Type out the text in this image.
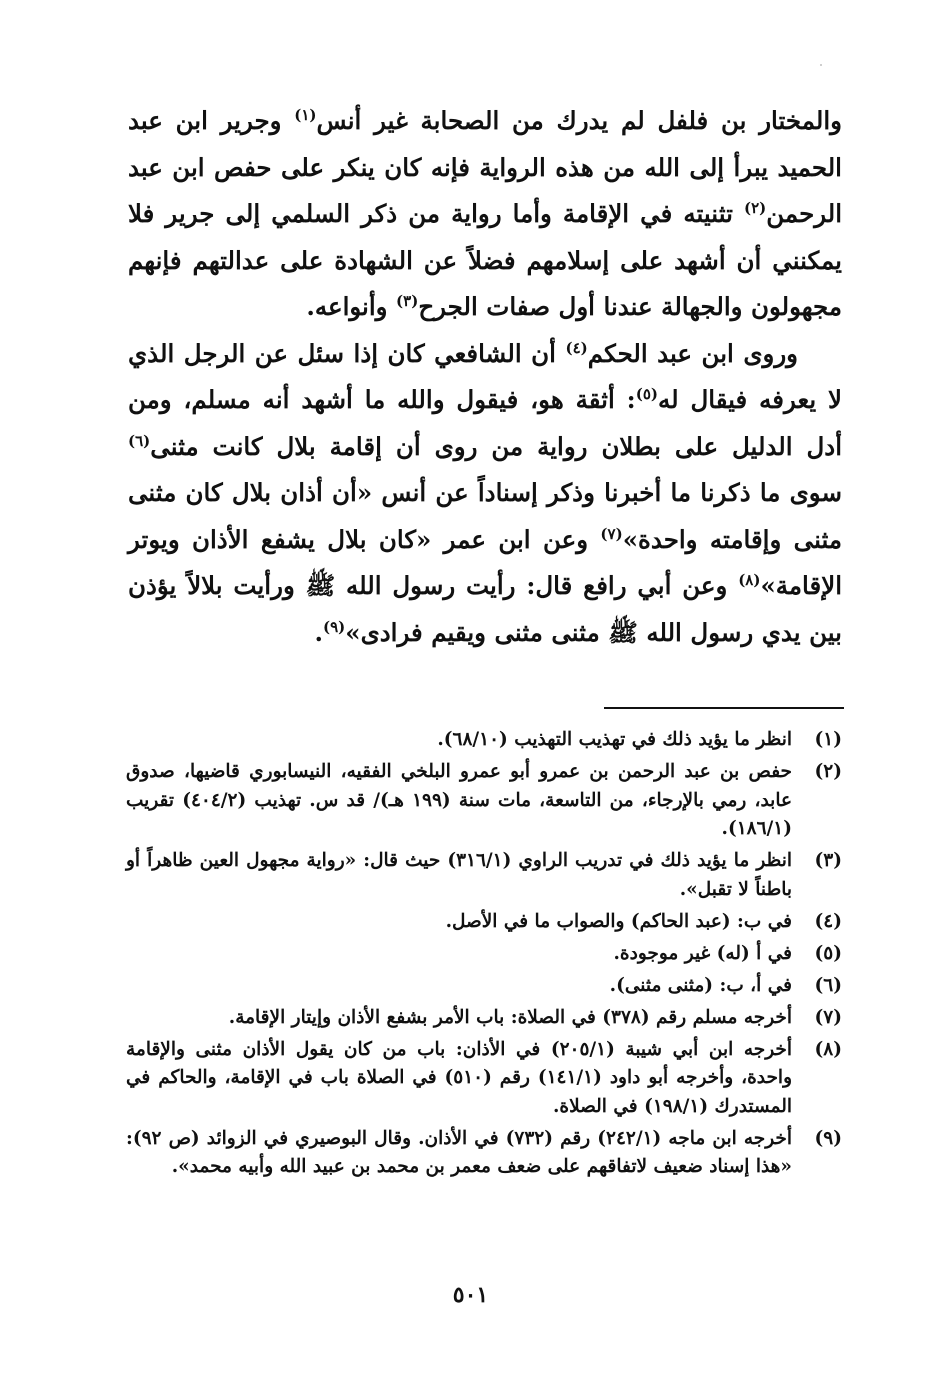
والمختار بن فلفل لم يدرك من الصحابة غير أنس$^{(١)}$ وجرير ابن عبد الحميد يبرأ إلى الله من هذه الرواية فإنه كان ينكر على حفص ابن عبد الرحمن$^{(٢)}$ تثنيته في الإقامة وأما رواية من ذكر السلمي إلى جرير فلا يمكنني أن أشهد على إسلامهم فضلاً عن الشهادة على عدالتهم فإنهم مجهولون والجهالة عندنا أول صفات الجرح$^{(٣)}$ وأنواعه.

وروى ابن عبد الحكم$^{(٤)}$ أن الشافعي كان إذا سئل عن الرجل الذي لا يعرفه فيقال له$^{(٥)}$: أثقة هو، فيقول والله ما أشهد أنه مسلم، ومن أدل الدليل على بطلان رواية من روى أن إقامة بلال كانت مثنى$^{(٦)}$ سوى ما ذكرنا ما أخبرنا وذكر إسناداً عن أنس «أن أذان بلال كان مثنى مثنى وإقامته واحدة»$^{(٧)}$ وعن ابن عمر «كان بلال يشفع الأذان ويوتر الإقامة»$^{(٨)}$ وعن أبي رافع قال: رأيت رسول الله ﷺ ورأيت بلالاً يؤذن بين يدي رسول الله ﷺ مثنى مثنى ويقيم فرادى»$^{(٩)}$.

(١)
انظر ما يؤيد ذلك في تهذيب التهذيب (٦٨/١٠).
(٢)
حفص بن عبد الرحمن بن عمرو أبو عمرو البلخي الفقيه، النيسابوري قاضيها، صدوق عابد، رمي بالإرجاء، من التاسعة، مات سنة (١٩٩ هـ)/ قد س. تهذيب (٤٠٤/٢) تقريب (١٨٦/١).
(٣)
انظر ما يؤيد ذلك في تدريب الراوي (٣١٦/١) حيث قال: «رواية مجهول العين ظاهراً أو باطناً لا تقبل».
(٤)
في ب: (عبد الحاكم) والصواب ما في الأصل.
(٥)
في أ (له) غير موجودة.
(٦)
في أ، ب: (مثنى مثنى).
(٧)
أخرجه مسلم رقم (٣٧٨) في الصلاة: باب الأمر بشفع الأذان وإيتار الإقامة.
(٨)
أخرجه ابن أبي شيبة (٢٠٥/١) في الأذان: باب من كان يقول الأذان مثنى والإقامة واحدة، وأخرجه أبو داود (١٤١/١) رقم (٥١٠) في الصلاة باب في الإقامة، والحاكم في المستدرك (١٩٨/١) في الصلاة.
(٩)
أخرجه ابن ماجه (٢٤٢/١) رقم (٧٣٢) في الأذان. وقال البوصيري في الزوائد (ص ٩٢): «هذا إسناد ضعيف لاتفاقهم على ضعف معمر بن محمد بن عبيد الله وأبيه محمد».
٥٠١
